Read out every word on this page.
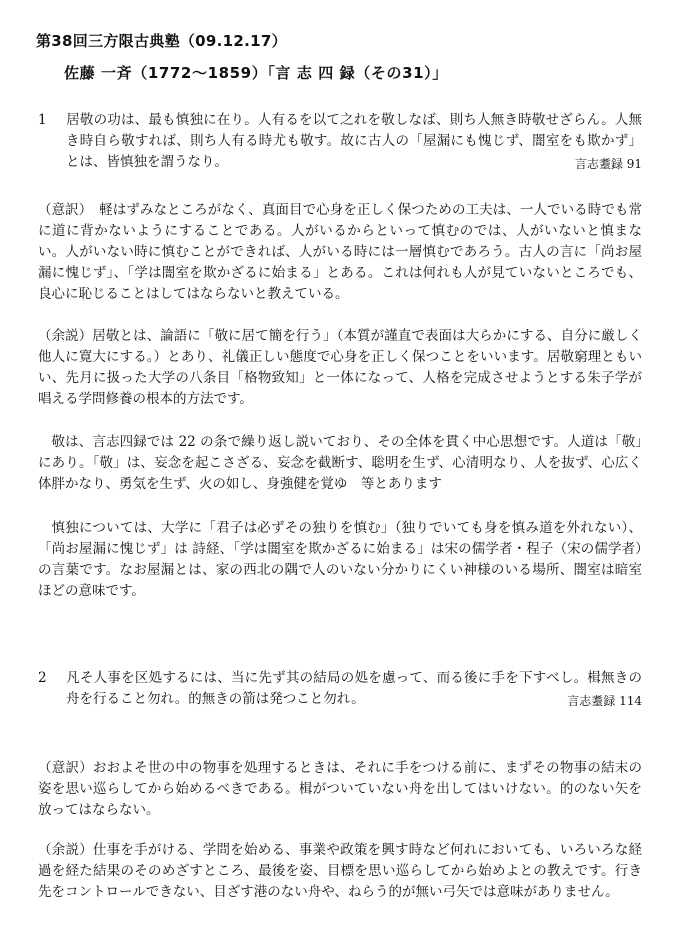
第38回三方限古典塾（09.12.17）
佐藤 一斉（1772～1859）「言 志 四 録（その31）」

1 居敬の功は、最も慎独に在り。人有るを以て之れを敬しなば、則ち人無き時敬せざらん。人無き時自ら敬すれば、則ち人有る時尤も敬す。故に古人の「屋漏にも愧じず、闇室をも欺かず」とは、皆慎独を謂うなり。	言志耋録 91

（意訳）　軽はずみなところがなく、真面目で心身を正しく保つための工夫は、一人でいる時でも常に道に背かないようにすることである。人がいるからといって慎むのでは、人がいないと慎まない。人がいない時に慎むことができれば、人がいる時には一層慎むであろう。古人の言に「尚お屋漏に愧じず」、「学は闇室を欺かざるに始まる」とある。これは何れも人が見ていないところでも、良心に恥じることはしてはならないと教えている。

（余説）居敬とは、論語に「敬に居て簡を行う」（本質が謹直で表面は大らかにする、自分に厳しく他人に寛大にする。）とあり、礼儀正しい態度で心身を正しく保つことをいいます。居敬窮理ともいい、先月に扱った大学の八条目「格物致知」と一体になって、人格を完成させようとする朱子学が唱える学問修養の根本的方法です。

敬は、言志四録では 22 の条で繰り返し説いており、その全体を貫く中心思想です。人道は「敬」にあり。「敬」は、妄念を起こさざる、妄念を截断す、聡明を生ず、心清明なり、人を抜ず、心広く体胖かなり、勇気を生ず、火の如し、身強健を覚ゆ　等とあります

慎独については、大学に「君子は必ずその独りを慎む」（独りでいても身を慎み道を外れない）、「尚お屋漏に愧じず」は 詩経、「学は闇室を欺かざるに始まる」は宋の儒学者・程子（宋の儒学者）の言葉です。なお屋漏とは、家の西北の隅で人のいない分かりにくい神様のいる場所、闇室は暗室ほどの意味です。

2 凡そ人事を区処するには、当に先ず其の結局の処を慮って、而る後に手を下すべし。楫無きの舟を行ること勿れ。的無きの箭は発つこと勿れ。	言志耋録 114

（意訳）おおよそ世の中の物事を処理するときは、それに手をつける前に、まずその物事の結末の姿を思い巡らしてから始めるべきである。楫がついていない舟を出してはいけない。的のない矢を放ってはならない。

（余説）仕事を手がける、学問を始める、事業や政策を興す時など何れにおいても、いろいろな経過を経た結果のそのめざすところ、最後を姿、目標を思い巡らしてから始めよとの教えです。行き先をコントロールできない、目ざす港のない舟や、ねらう的が無い弓矢では意味がありません。
